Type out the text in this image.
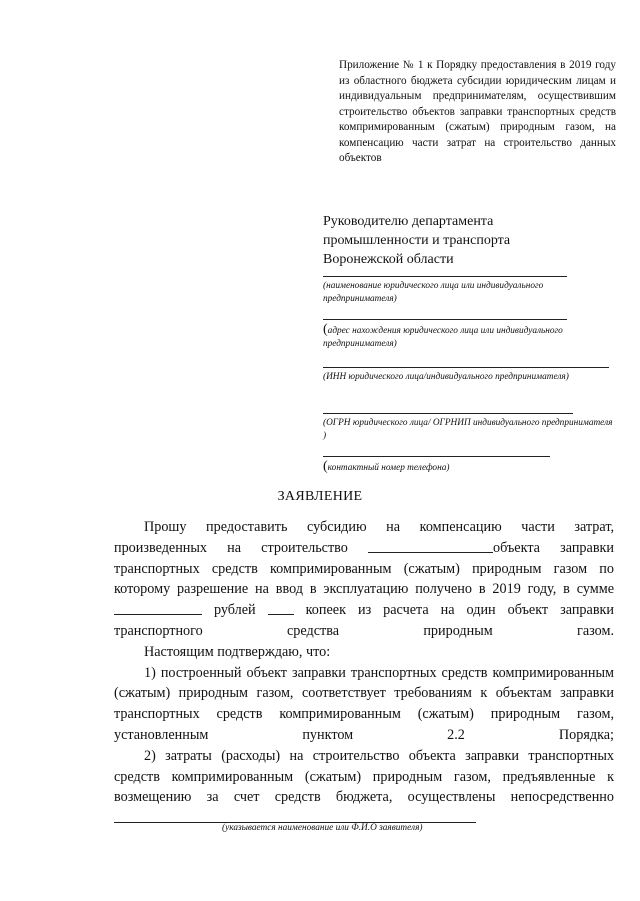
Приложение № 1 к Порядку предоставления в 2019 году из областного бюджета субсидии юридическим лицам и индивидуальным предпринимателям, осуществившим строительство объектов заправки транспортных средств компримированным (сжатым) природным газом, на компенсацию части затрат на строительство данных объектов
Руководителю департамента
промышленности и транспорта
Воронежской области
(наименование юридического лица или индивидуального предпринимателя)
(адрес нахождения юридического лица или индивидуального предпринимателя)
(ИНН юридического лица/индивидуального предпринимателя)
(ОГРН юридического лица/ ОГРНИП индивидуального предпринимателя )
(контактный номер телефона)
ЗАЯВЛЕНИЕ

Прошу предоставить субсидию на компенсацию части затрат, произведенных на строительство	объекта заправки транспортных средств компримированным (сжатым) природным газом по которому разрешение на ввод в эксплуатацию получено в 2019 году, в сумме  рублей  копеек из расчета на один объект заправки транспортного средства природным газом.

Настоящим подтверждаю, что:

1) построенный объект заправки транспортных средств компримированным (сжатым) природным газом, соответствует требованиям к объектам заправки транспортных средств компримированным (сжатым) природным газом, установленным пунктом 2.2 Порядка;

2) затраты (расходы) на строительство объекта заправки транспортных средств компримированным (сжатым) природным газом, предъявленные к возмещению за счет средств бюджета, осуществлены непосредственно

(указывается наименование или Ф.И.О заявителя)
